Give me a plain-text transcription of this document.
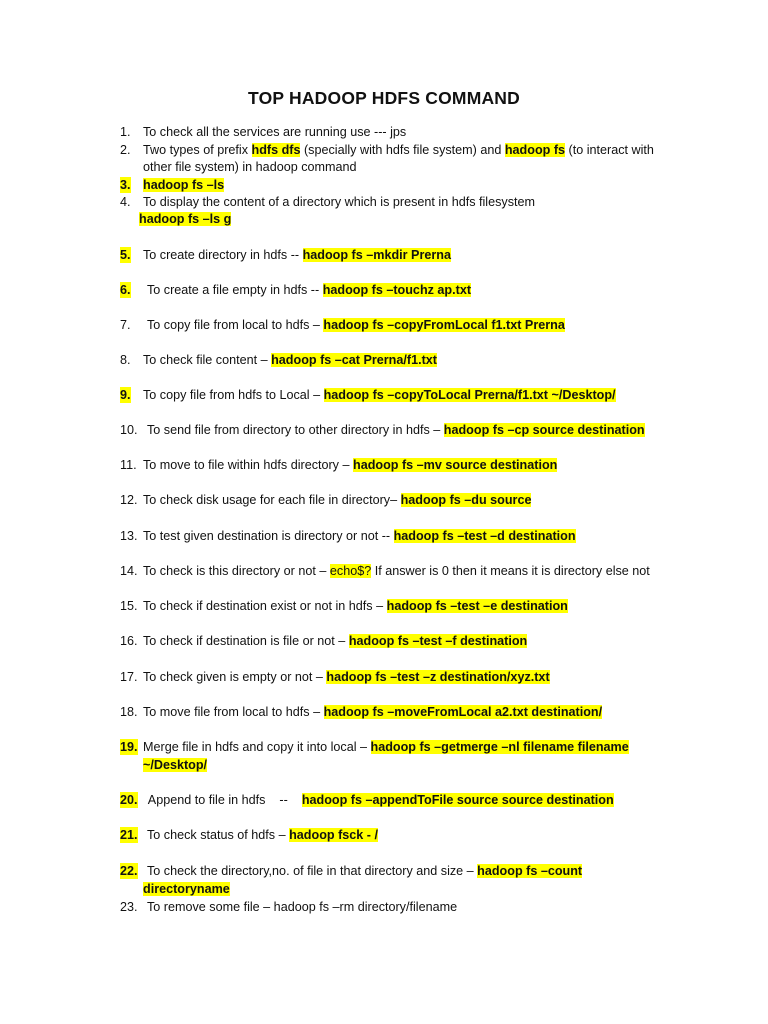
TOP HADOOP HDFS COMMAND
1. To check all the services are running use --- jps
2. Two types of prefix hdfs dfs (specially with hdfs file system) and hadoop fs (to interact with
other file system) in hadoop command
3. hadoop fs –ls
4. To display the content of a directory which is present in hdfs filesystem
hadoop fs –ls g
5. To create directory in hdfs -- hadoop fs –mkdir Prerna
6. To create a file empty in hdfs -- hadoop fs –touchz ap.txt
7. To copy file from local to hdfs – hadoop fs –copyFromLocal f1.txt Prerna
8. To check file content – hadoop fs –cat Prerna/f1.txt
9. To copy file from hdfs to Local – hadoop fs –copyToLocal Prerna/f1.txt ~/Desktop/
10. To send file from directory to other directory in hdfs – hadoop fs –cp source destination
11. To move to file within hdfs directory – hadoop fs –mv source destination
12. To check disk usage for each file in directory– hadoop fs –du source
13. To test given destination is directory or not -- hadoop fs –test –d destination
14. To check is this directory or not – echo$? If answer is 0 then it means it is directory else not
15. To check if destination exist or not in hdfs – hadoop fs –test –e destination
16. To check if destination is file or not – hadoop fs –test –f destination
17. To check given is empty or not – hadoop fs –test –z destination/xyz.txt
18. To move file from local to hdfs – hadoop fs –moveFromLocal a2.txt destination/
19. Merge file in hdfs and copy it into local – hadoop fs –getmerge –nl filename filename
~/Desktop/
20. Append to file in hdfs    --    hadoop fs –appendToFile source source destination
21. To check status of hdfs – hadoop fsck - /
22. To check the directory,no. of file in that directory and size – hadoop fs –count
directoryname
23. To remove some file – hadoop fs –rm directory/filename
